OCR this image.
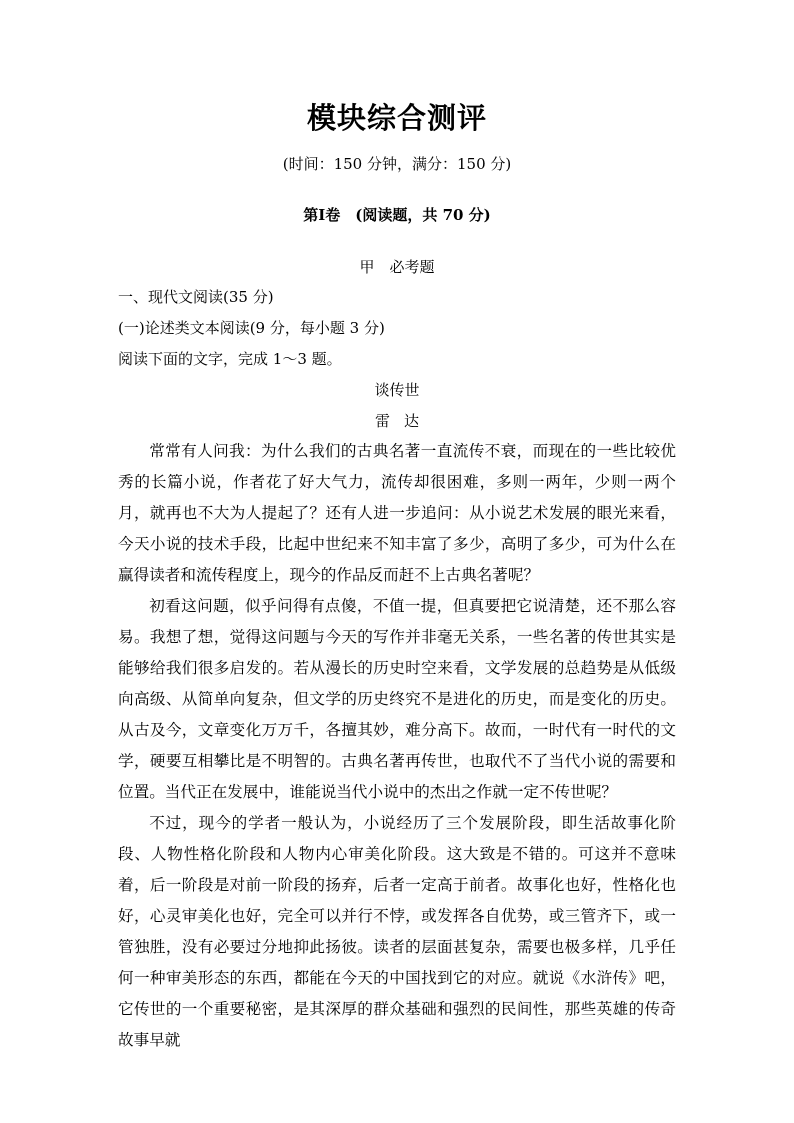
模块综合测评
(时间：150 分钟，满分：150 分)
第Ⅰ卷　(阅读题，共 70 分)
甲　必考题
一、现代文阅读(35 分)
(一)论述类文本阅读(9 分，每小题 3 分)
阅读下面的文字，完成 1～3 题。
谈传世
雷达

常常有人问我：为什么我们的古典名著一直流传不衰，而现在的一些比较优秀的长篇小说，作者花了好大气力，流传却很困难，多则一两年，少则一两个月，就再也不大为人提起了？还有人进一步追问：从小说艺术发展的眼光来看，今天小说的技术手段，比起中世纪来不知丰富了多少，高明了多少，可为什么在赢得读者和流传程度上，现今的作品反而赶不上古典名著呢？

初看这问题，似乎问得有点傻，不值一提，但真要把它说清楚，还不那么容易。我想了想，觉得这问题与今天的写作并非毫无关系，一些名著的传世其实是能够给我们很多启发的。若从漫长的历史时空来看，文学发展的总趋势是从低级向高级、从简单向复杂，但文学的历史终究不是进化的历史，而是变化的历史。从古及今，文章变化万万千，各擅其妙，难分高下。故而，一时代有一时代的文学，硬要互相攀比是不明智的。古典名著再传世，也取代不了当代小说的需要和位置。当代正在发展中，谁能说当代小说中的杰出之作就一定不传世呢？

不过，现今的学者一般认为，小说经历了三个发展阶段，即生活故事化阶段、人物性格化阶段和人物内心审美化阶段。这大致是不错的。可这并不意味着，后一阶段是对前一阶段的扬弃，后者一定高于前者。故事化也好，性格化也好，心灵审美化也好，完全可以并行不悖，或发挥各自优势，或三管齐下，或一管独胜，没有必要过分地抑此扬彼。读者的层面甚复杂，需要也极多样，几乎任何一种审美形态的东西，都能在今天的中国找到它的对应。就说《水浒传》吧，它传世的一个重要秘密，是其深厚的群众基础和强烈的民间性，那些英雄的传奇故事早就
